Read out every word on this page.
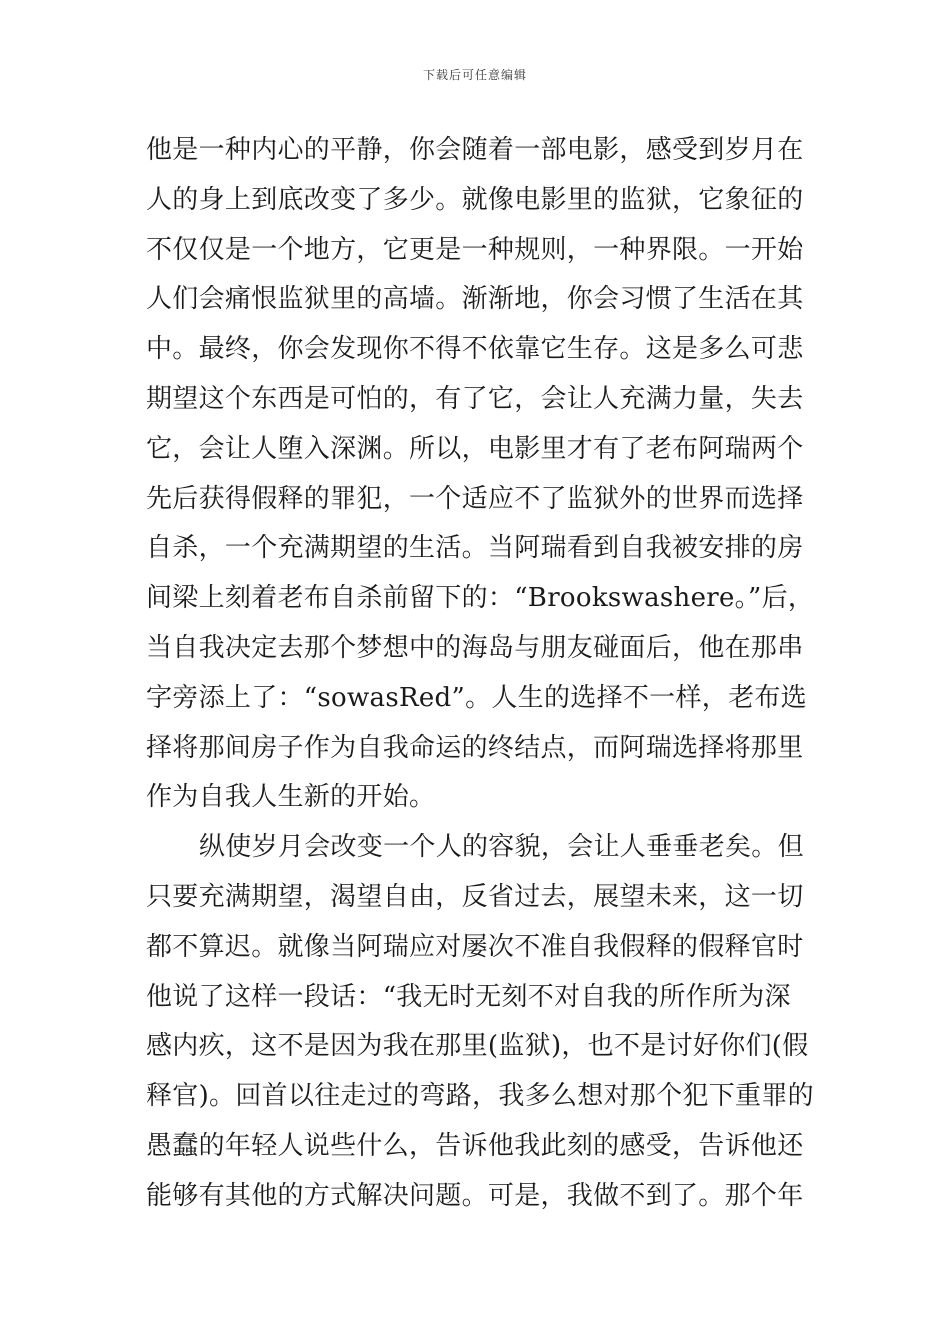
下载后可任意编辑
他是一种内心的平静，你会随着一部电影，感受到岁月在
人的身上到底改变了多少。就像电影里的监狱，它象征的
不仅仅是一个地方，它更是一种规则，一种界限。一开始
人们会痛恨监狱里的高墙。渐渐地，你会习惯了生活在其
中。最终，你会发现你不得不依靠它生存。这是多么可悲
期望这个东西是可怕的，有了它，会让人充满力量，失去
它，会让人堕入深渊。所以，电影里才有了老布阿瑞两个
先后获得假释的罪犯，一个适应不了监狱外的世界而选择
自杀，一个充满期望的生活。当阿瑞看到自我被安排的房
间梁上刻着老布自杀前留下的：“Brookswashere。”后，
当自我决定去那个梦想中的海岛与朋友碰面后，他在那串
字旁添上了：“sowasRed”。人生的选择不一样，老布选
择将那间房子作为自我命运的终结点，而阿瑞选择将那里
作为自我人生新的开始。
纵使岁月会改变一个人的容貌，会让人垂垂老矣。但
只要充满期望，渴望自由，反省过去，展望未来，这一切
都不算迟。就像当阿瑞应对屡次不准自我假释的假释官时
他说了这样一段话：“我无时无刻不对自我的所作所为深
感内疚，这不是因为我在那里(监狱)，也不是讨好你们(假
释官)。回首以往走过的弯路，我多么想对那个犯下重罪的
愚蠢的年轻人说些什么，告诉他我此刻的感受，告诉他还
能够有其他的方式解决问题。可是，我做不到了。那个年
